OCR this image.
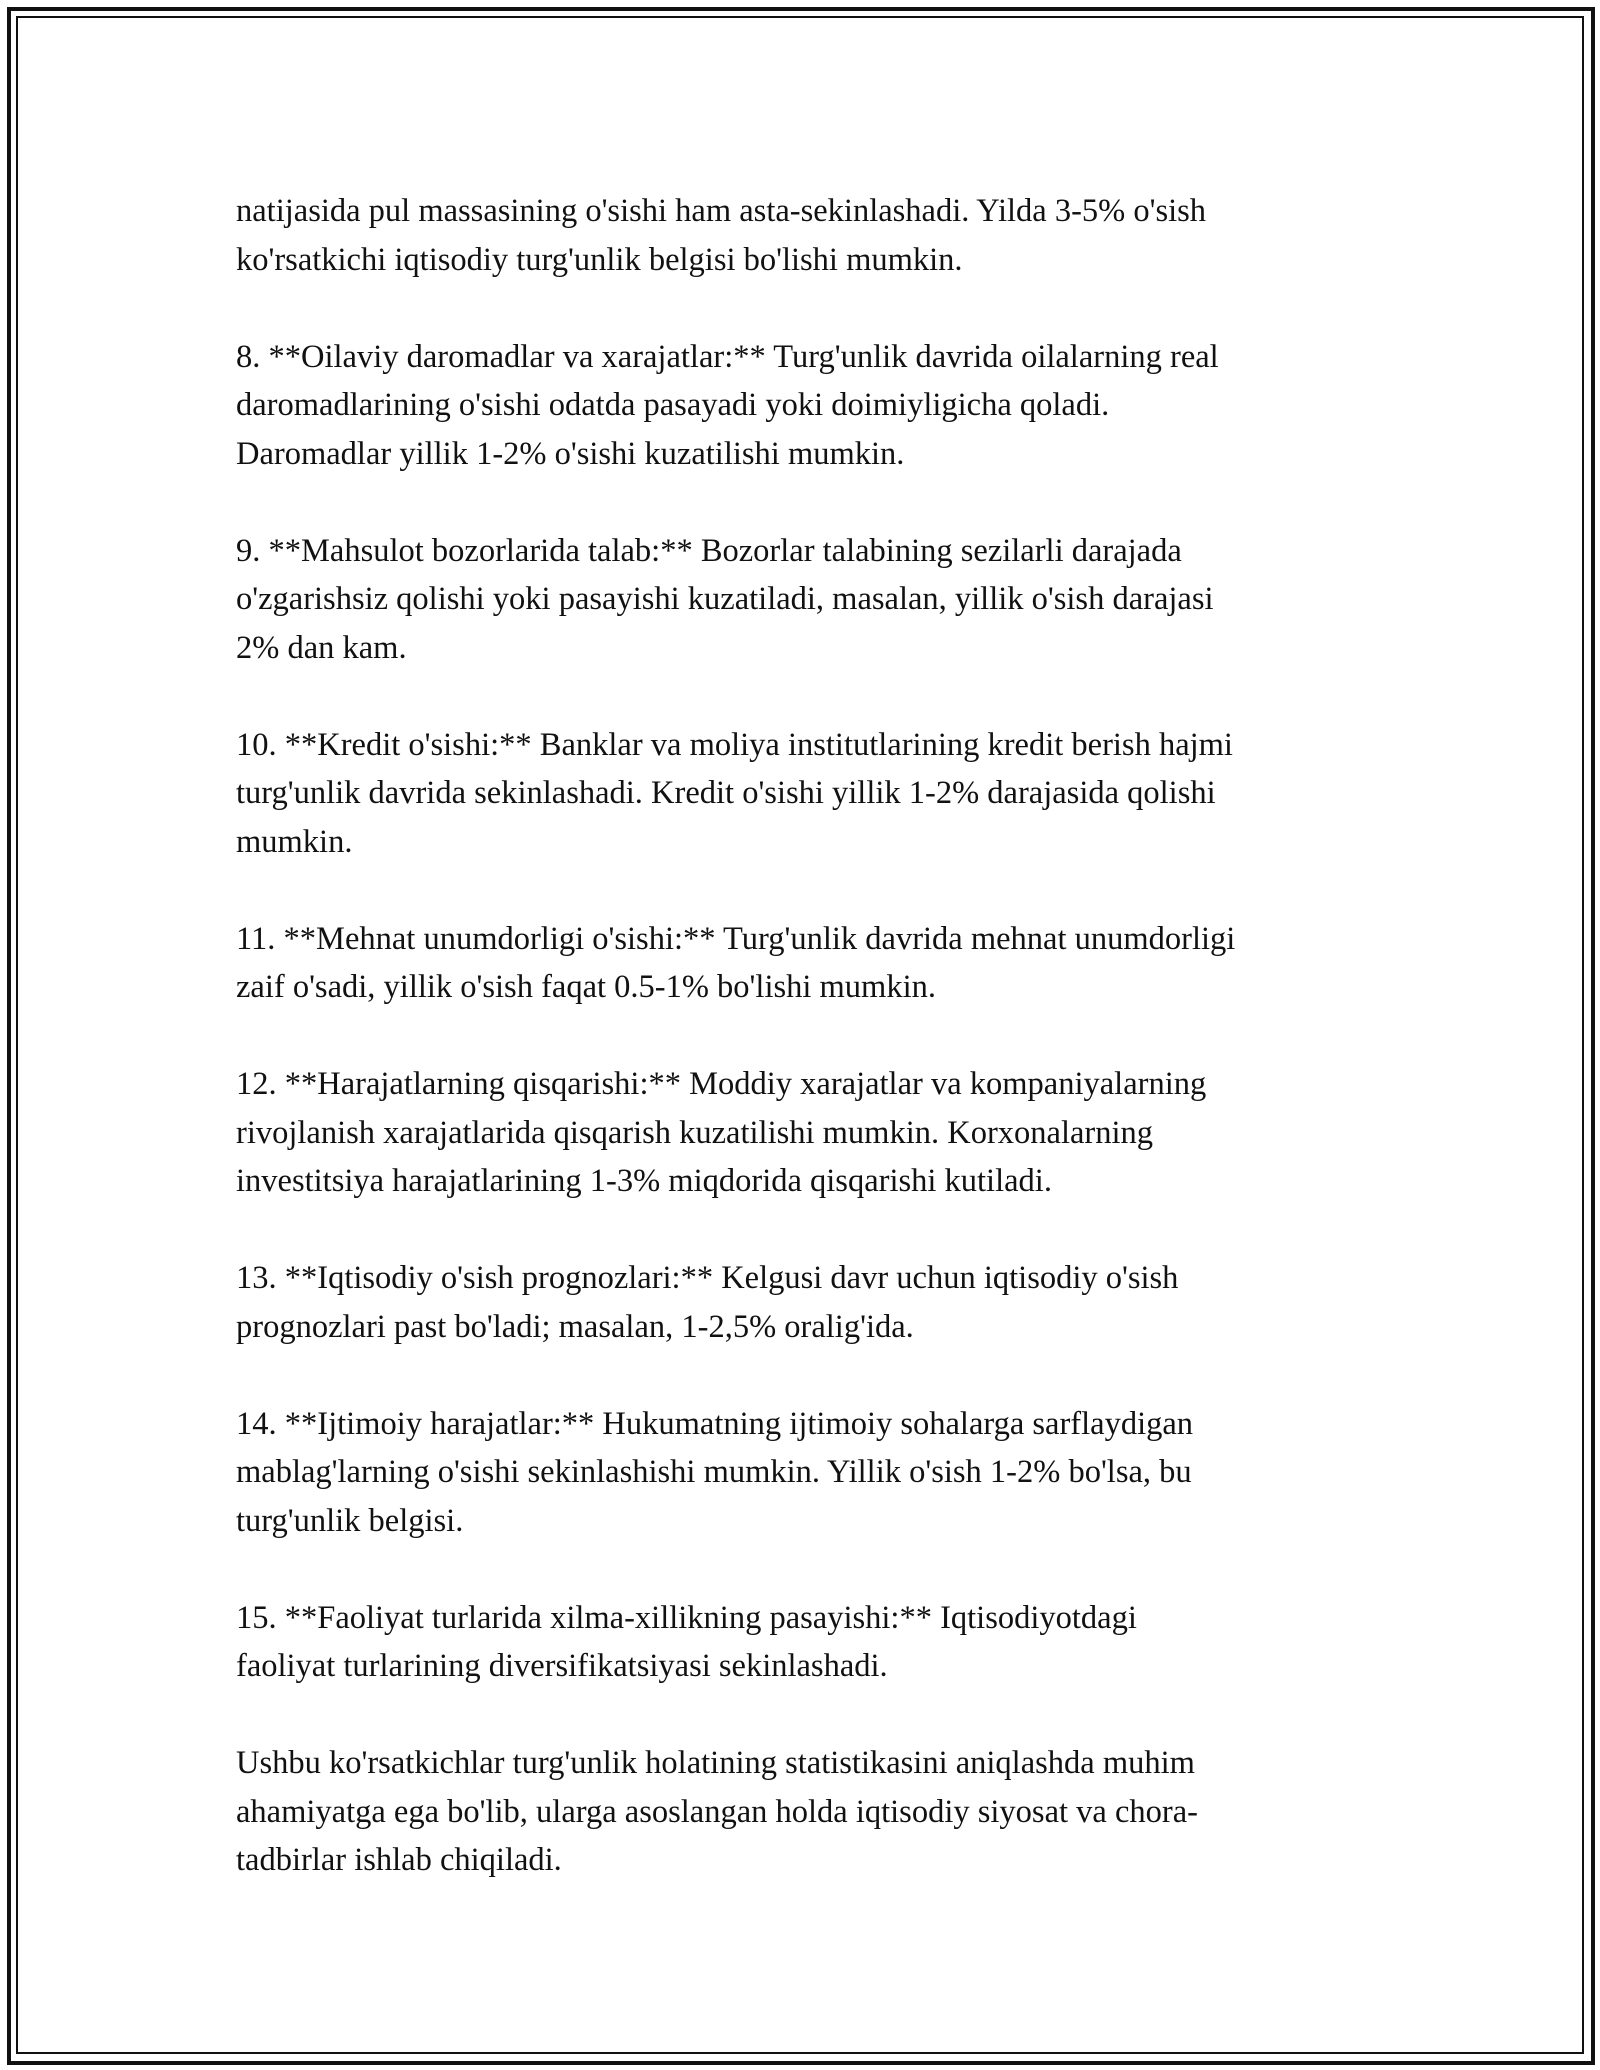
natijasida pul massasining o'sishi ham asta-sekinlashadi. Yilda 3-5% o'sish
ko'rsatkichi iqtisodiy turg'unlik belgisi bo'lishi mumkin.

8. **Oilaviy daromadlar va xarajatlar:** Turg'unlik davrida oilalarning real
daromadlarining o'sishi odatda pasayadi yoki doimiyligicha qoladi.
Daromadlar yillik 1-2% o'sishi kuzatilishi mumkin.

9. **Mahsulot bozorlarida talab:** Bozorlar talabining sezilarli darajada
o'zgarishsiz qolishi yoki pasayishi kuzatiladi, masalan, yillik o'sish darajasi
2% dan kam.

10. **Kredit o'sishi:** Banklar va moliya institutlarining kredit berish hajmi
turg'unlik davrida sekinlashadi. Kredit o'sishi yillik 1-2% darajasida qolishi
mumkin.

11. **Mehnat unumdorligi o'sishi:** Turg'unlik davrida mehnat unumdorligi
zaif o'sadi, yillik o'sish faqat 0.5-1% bo'lishi mumkin.

12. **Harajatlarning qisqarishi:** Moddiy xarajatlar va kompaniyalarning
rivojlanish xarajatlarida qisqarish kuzatilishi mumkin. Korxonalarning
investitsiya harajatlarining 1-3% miqdorida qisqarishi kutiladi.

13. **Iqtisodiy o'sish prognozlari:** Kelgusi davr uchun iqtisodiy o'sish
prognozlari past bo'ladi; masalan, 1-2,5% oralig'ida.

14. **Ijtimoiy harajatlar:** Hukumatning ijtimoiy sohalarga sarflaydigan
mablag'larning o'sishi sekinlashishi mumkin. Yillik o'sish 1-2% bo'lsa, bu
turg'unlik belgisi.

15. **Faoliyat turlarida xilma-xillikning pasayishi:** Iqtisodiyotdagi
faoliyat turlarining diversifikatsiyasi sekinlashadi.

Ushbu ko'rsatkichlar turg'unlik holatining statistikasini aniqlashda muhim
ahamiyatga ega bo'lib, ularga asoslangan holda iqtisodiy siyosat va chora-
tadbirlar ishlab chiqiladi.
